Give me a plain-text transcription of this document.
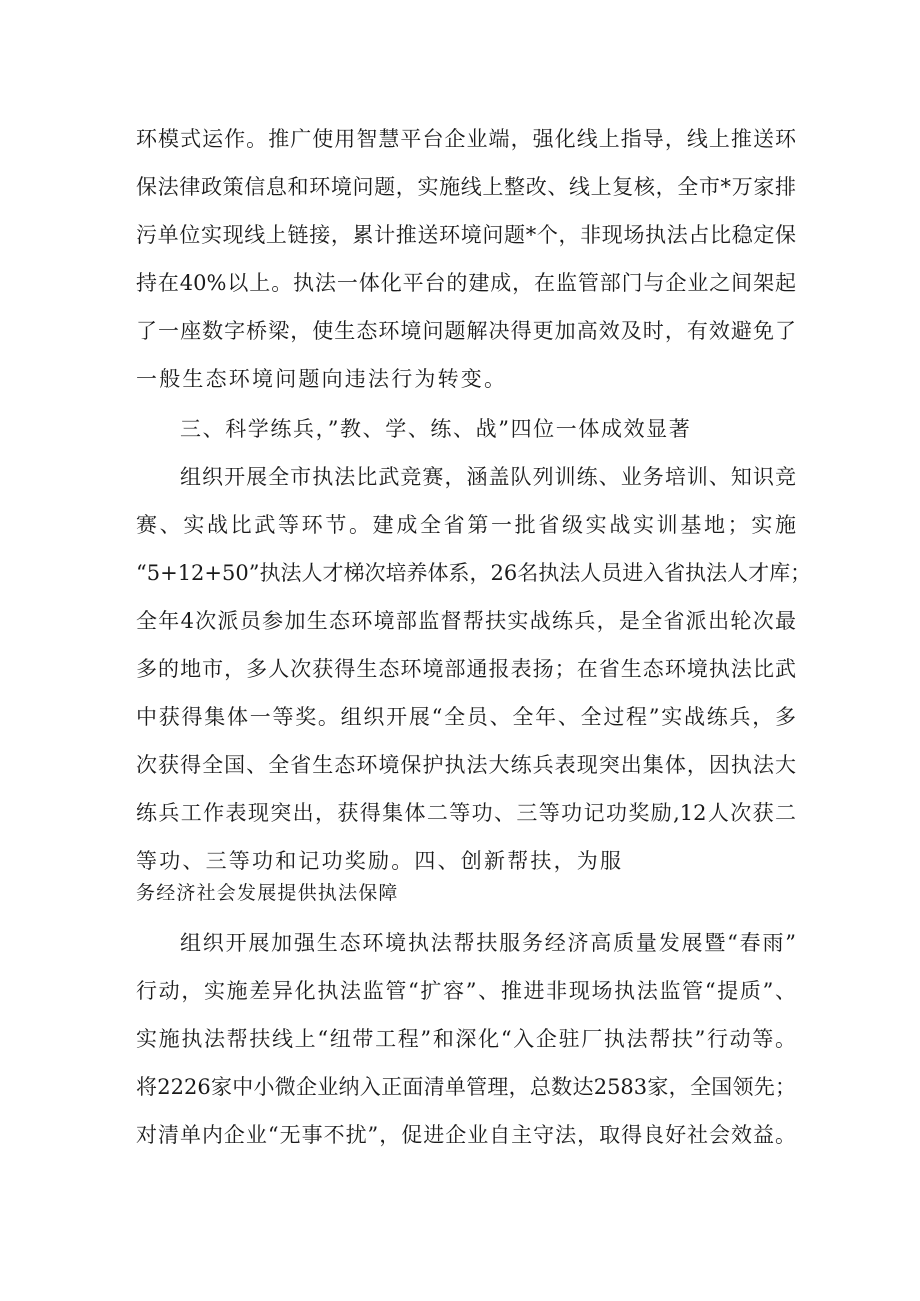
环模式运作。推广使用智慧平台企业端，强化线上指导，线上推送环
保法律政策信息和环境问题，实施线上整改、线上复核，全市*万家排
污单位实现线上链接，累计推送环境问题*个，非现场执法占比稳定保
持在40%以上。执法一体化平台的建成，在监管部门与企业之间架起
了一座数字桥梁，使生态环境问题解决得更加高效及时，有效避免了
一般生态环境问题向违法行为转变。
三、科学练兵，”教、学、练、战”四位一体成效显著
组织开展全市执法比武竞赛，涵盖队列训练、业务培训、知识竞
赛、实战比武等环节。建成全省第一批省级实战实训基地；实施
“5+12+50”执法人才梯次培养体系，26名执法人员进入省执法人才库；
全年4次派员参加生态环境部监督帮扶实战练兵，是全省派出轮次最
多的地市，多人次获得生态环境部通报表扬；在省生态环境执法比武
中获得集体一等奖。组织开展“全员、全年、全过程”实战练兵，多
次获得全国、全省生态环境保护执法大练兵表现突出集体，因执法大
练兵工作表现突出，获得集体二等功、三等功记功奖励,12人次获二
等功、三等功和记功奖励。四、创新帮扶，为服
务经济社会发展提供执法保障
组织开展加强生态环境执法帮扶服务经济高质量发展暨“春雨”
行动，实施差异化执法监管“扩容”、推进非现场执法监管“提质”、
实施执法帮扶线上“纽带工程”和深化“入企驻厂执法帮扶”行动等。
将2226家中小微企业纳入正面清单管理，总数达2583家，全国领先；
对清单内企业“无事不扰”，促进企业自主守法，取得良好社会效益。
